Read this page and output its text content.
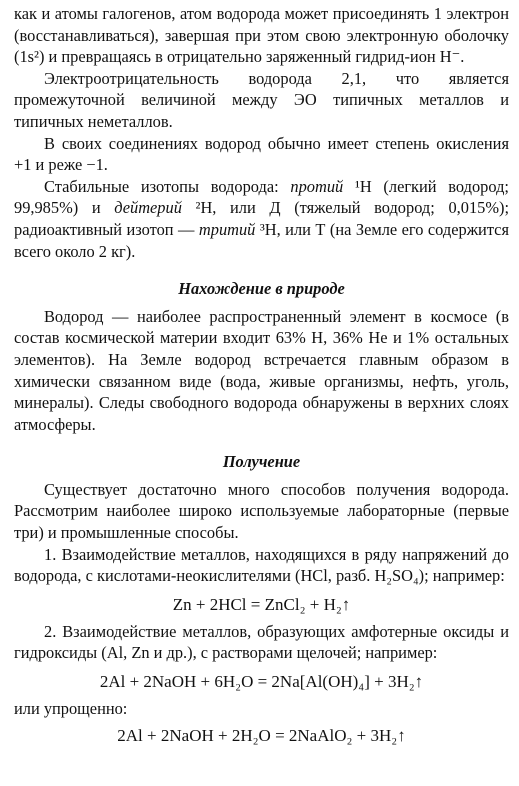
как и атомы галогенов, атом водорода может присоединять 1 электрон (восстанавливаться), завершая при этом свою электронную оболочку (1s²) и превращаясь в отрицательно заряженный гидрид-ион H⁻.

Электроотрицательность водорода 2,1, что является промежуточной величиной между ЭО типичных металлов и типичных неметаллов.

В своих соединениях водород обычно имеет степень окисления +1 и реже −1.

Стабильные изотопы водорода: протий ¹H (легкий водород; 99,985%) и дейтерий ²H, или Д (тяжелый водород; 0,015%); радиоактивный изотоп — тритий ³H, или Т (на Земле его содержится всего около 2 кг).

Нахождение в природе

Водород — наиболее распространенный элемент в космосе (в состав космической материи входит 63% H, 36% He и 1% остальных элементов). На Земле водород встречается главным образом в химически связанном виде (вода, живые организмы, нефть, уголь, минералы). Следы свободного водорода обнаружены в верхних слоях атмосферы.

Получение

Существует достаточно много способов получения водорода. Рассмотрим наиболее широко используемые лабораторные (первые три) и промышленные способы.

1. Взаимодействие металлов, находящихся в ряду напряжений до водорода, с кислотами-неокислителями (HCl, разб. H₂SO₄); например:

Zn + 2HCl = ZnCl₂ + H₂↑

2. Взаимодействие металлов, образующих амфотерные оксиды и гидроксиды (Al, Zn и др.), с растворами щелочей; например:

2Al + 2NaOH + 6H₂O = 2Na[Al(OH)₄] + 3H₂↑

или упрощенно:

2Al + 2NaOH + 2H₂O = 2NaAlO₂ + 3H₂↑
